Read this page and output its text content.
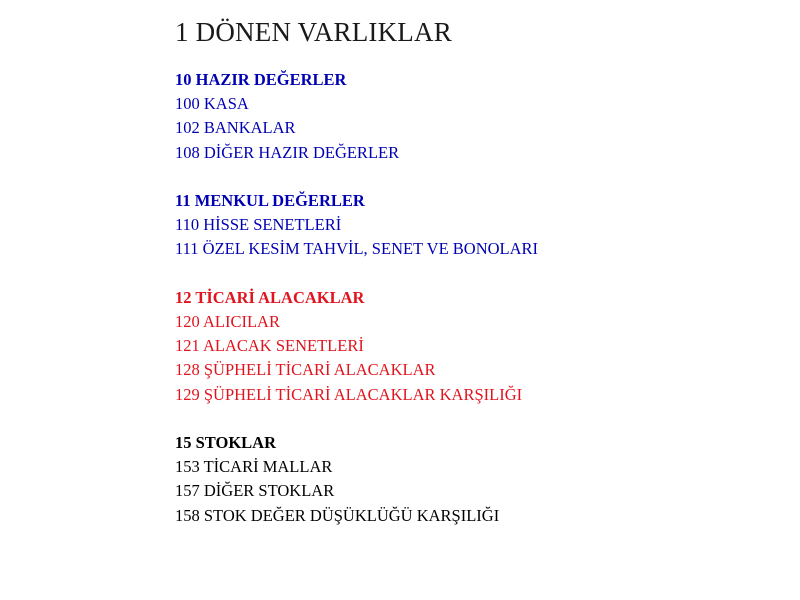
1 DÖNEN VARLIKLAR
10 HAZIR DEĞERLER
100 KASA
102 BANKALAR
108 DİĞER HAZIR DEĞERLER
11 MENKUL DEĞERLER
110 HİSSE SENETLERİ
111 ÖZEL KESİM TAHVİL, SENET VE BONOLARI
12 TİCARİ ALACAKLAR
120 ALICILAR
121 ALACAK SENETLERİ
128 ŞÜPHELİ TİCARİ ALACAKLAR
129 ŞÜPHELİ TİCARİ ALACAKLAR KARŞILIĞI
15 STOKLAR
153 TİCARİ MALLAR
157 DİĞER STOKLAR
158 STOK DEĞER DÜŞÜKLÜĞÜ KARŞILIĞI
